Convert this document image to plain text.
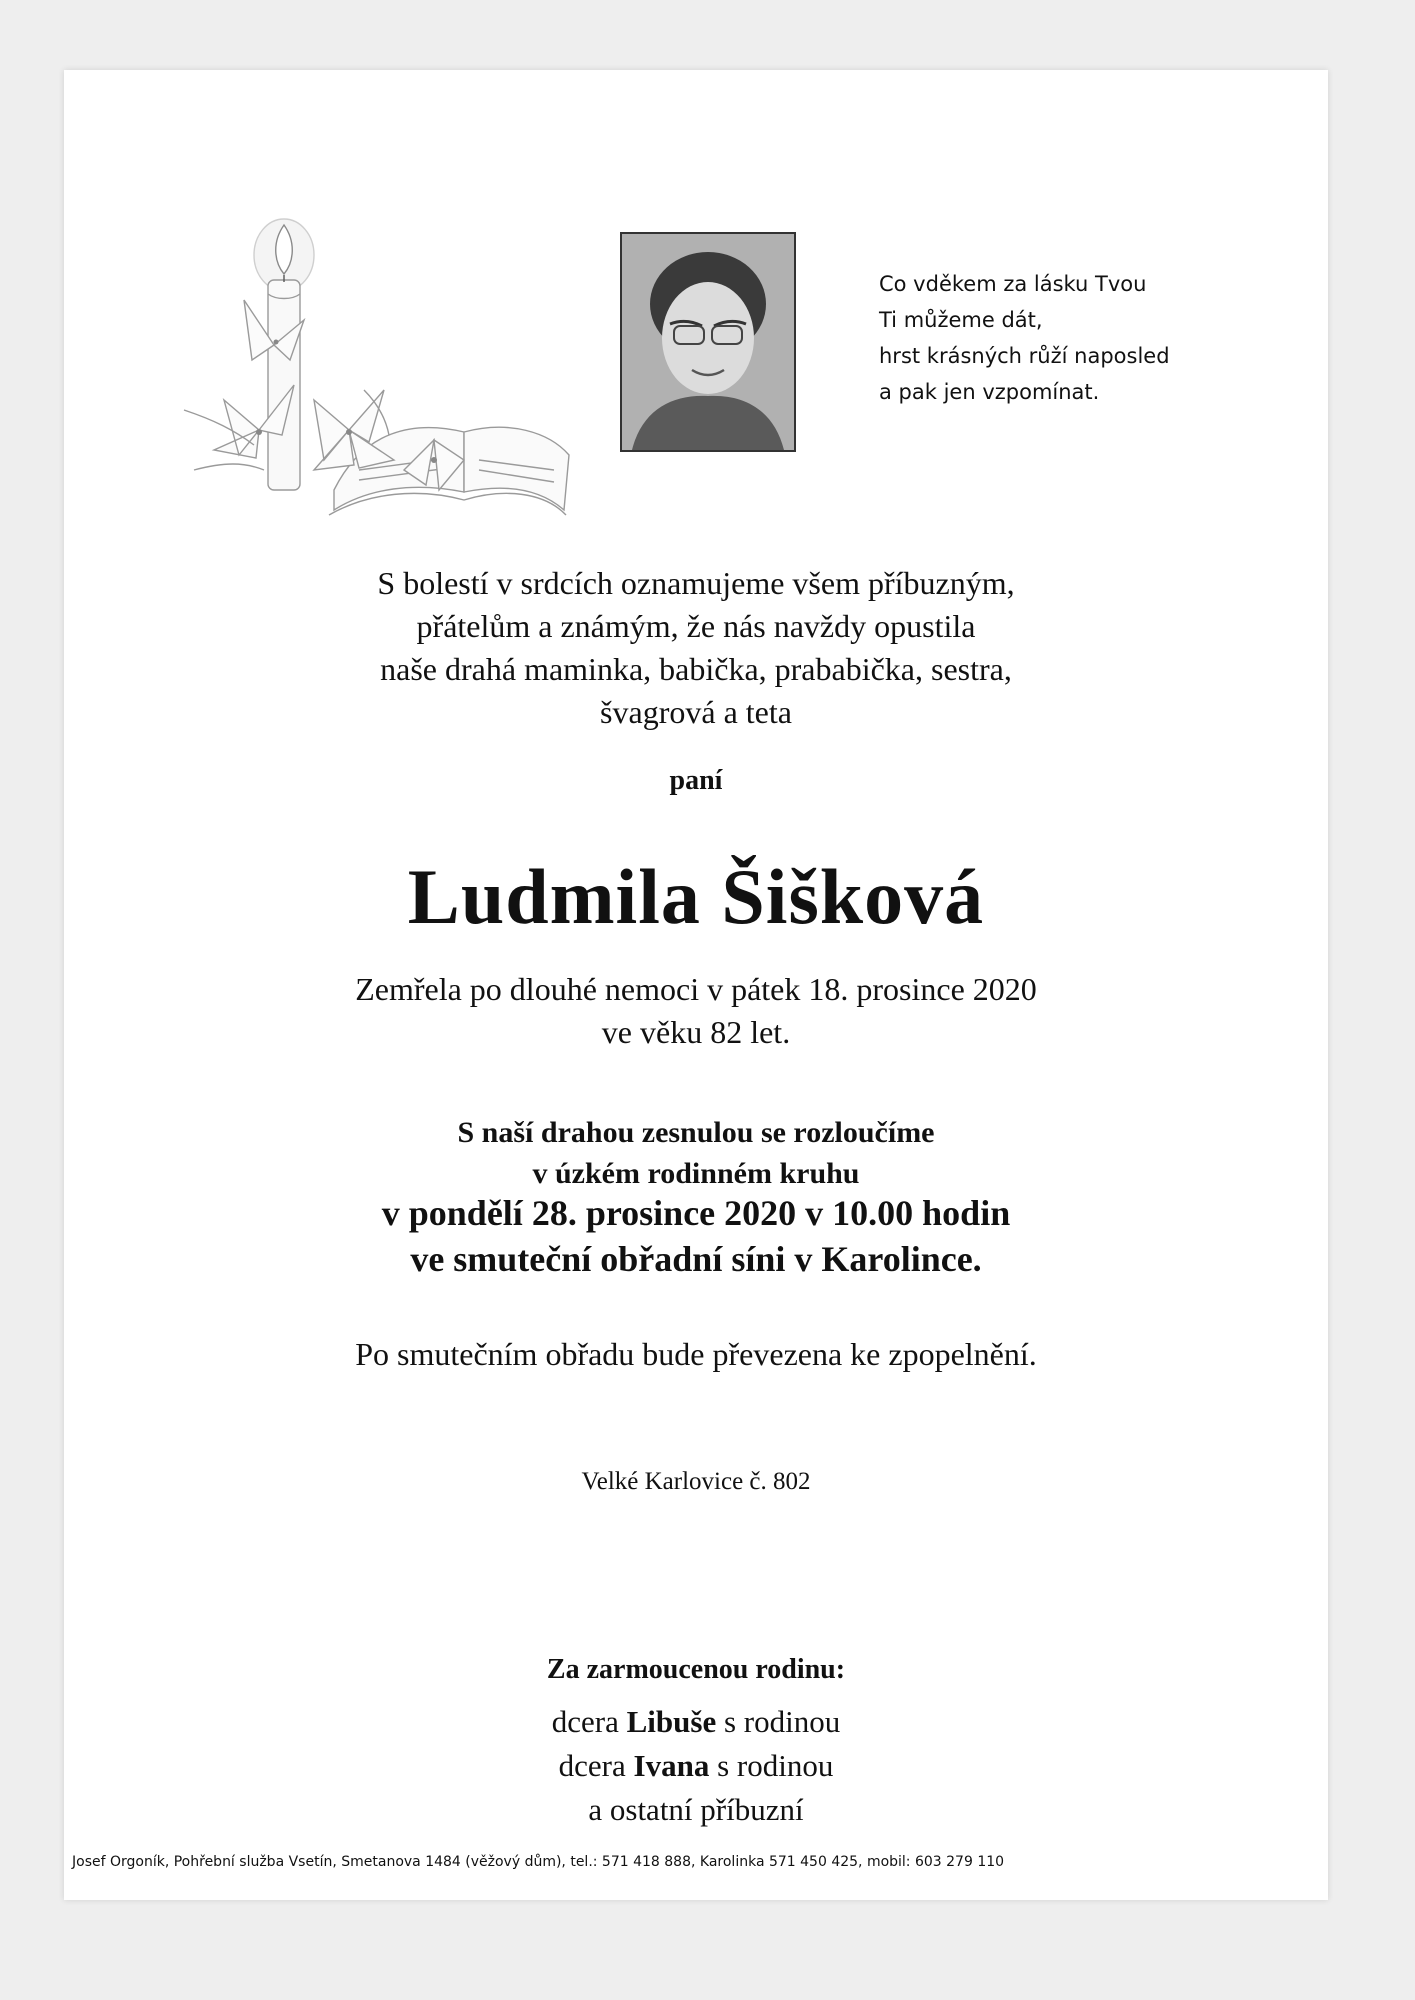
Co vděkem za lásku Tvou
Ti můžeme dát,
hrst krásných růží naposled
a pak jen vzpomínat.
S bolestí v srdcích oznamujeme všem příbuzným,
přátelům a známým, že nás navždy opustila
naše drahá maminka, babička, prababička, sestra,
švagrová a teta
paní
Ludmila Šišková
Zemřela po dlouhé nemoci v pátek 18. prosince 2020
ve věku 82 let.
S naší drahou zesnulou se rozloučíme
v úzkém rodinném kruhu
v pondělí 28. prosince 2020 v 10.00 hodin
ve smuteční obřadní síni v Karolince.
Po smutečním obřadu bude převezena ke zpopelnění.
Velké Karlovice č. 802
Za zarmoucenou rodinu:
dcera Libuše s rodinou
dcera Ivana s rodinou
a ostatní příbuzní
Josef Orgoník, Pohřební služba Vsetín, Smetanova 1484 (věžový dům), tel.: 571 418 888, Karolinka 571 450 425, mobil: 603 279 110
